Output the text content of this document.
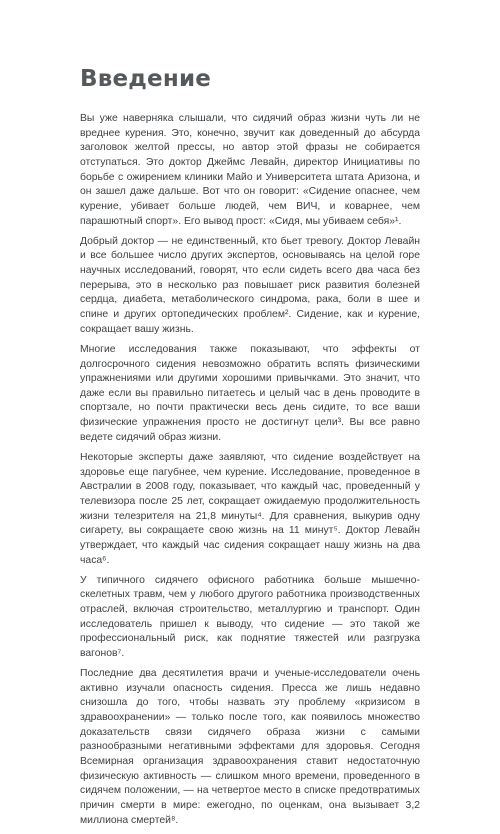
Введение

Вы уже наверняка слышали, что сидячий образ жизни чуть ли не вреднее курения. Это, конечно, звучит как доведенный до абсурда заголовок желтой прессы, но автор этой фразы не собирается отступаться. Это доктор Джеймс Левайн, директор Инициативы по борьбе с ожирением клиники Майо и Университета штата Аризона, и он зашел даже дальше. Вот что он говорит: «Сидение опаснее, чем курение, убивает больше людей, чем ВИЧ, и коварнее, чем парашютный спорт». Его вывод прост: «Сидя, мы убиваем себя»¹.

Добрый доктор — не единственный, кто бьет тревогу. Доктор Левайн и все большее число других экспертов, основываясь на целой горе научных исследований, говорят, что если сидеть всего два часа без перерыва, это в несколько раз повышает риск развития болезней сердца, диабета, метаболического синдрома, рака, боли в шее и спине и других ортопедических проблем². Сидение, как и курение, сокращает вашу жизнь.

Многие исследования также показывают, что эффекты от долгосрочного сидения невозможно обратить вспять физическими упражнениями или другими хорошими привычками. Это значит, что даже если вы правильно питаетесь и целый час в день проводите в спортзале, но почти практически весь день сидите, то все ваши физические упражнения просто не достигнут цели³. Вы все равно ведете сидячий образ жизни.

Некоторые эксперты даже заявляют, что сидение воздействует на здоровье еще пагубнее, чем курение. Исследование, проведенное в Австралии в 2008 году, показывает, что каждый час, проведенный у телевизора после 25 лет, сокращает ожидаемую продолжительность жизни телезрителя на 21,8 минуты⁴. Для сравнения, выкурив одну сигарету, вы сокращаете свою жизнь на 11 минут⁵. Доктор Левайн утверждает, что каждый час сидения сокращает нашу жизнь на два часа⁶.

У типичного сидячего офисного работника больше мышечно-скелетных травм, чем у любого другого работника производственных отраслей, включая строительство, металлургию и транспорт. Один исследователь пришел к выводу, что сидение — это такой же профессиональный риск, как поднятие тяжестей или разгрузка вагонов⁷.

Последние два десятилетия врачи и ученые-исследователи очень активно изучали опасность сидения. Пресса же лишь недавно снизошла до того, чтобы назвать эту проблему «кризисом в здравоохранении» — только после того, как появилось множество доказательств связи сидячего образа жизни с самыми разнообразными негативными эффектами для здоровья. Сегодня Всемирная организация здравоохранения ставит недостаточную физическую активность — слишком много времени, проведенного в сидячем положении, — на четвертое место в списке предотвратимых причин смерти в мире: ежегодно, по оценкам, она вызывает 3,2 миллиона смертей⁸.
